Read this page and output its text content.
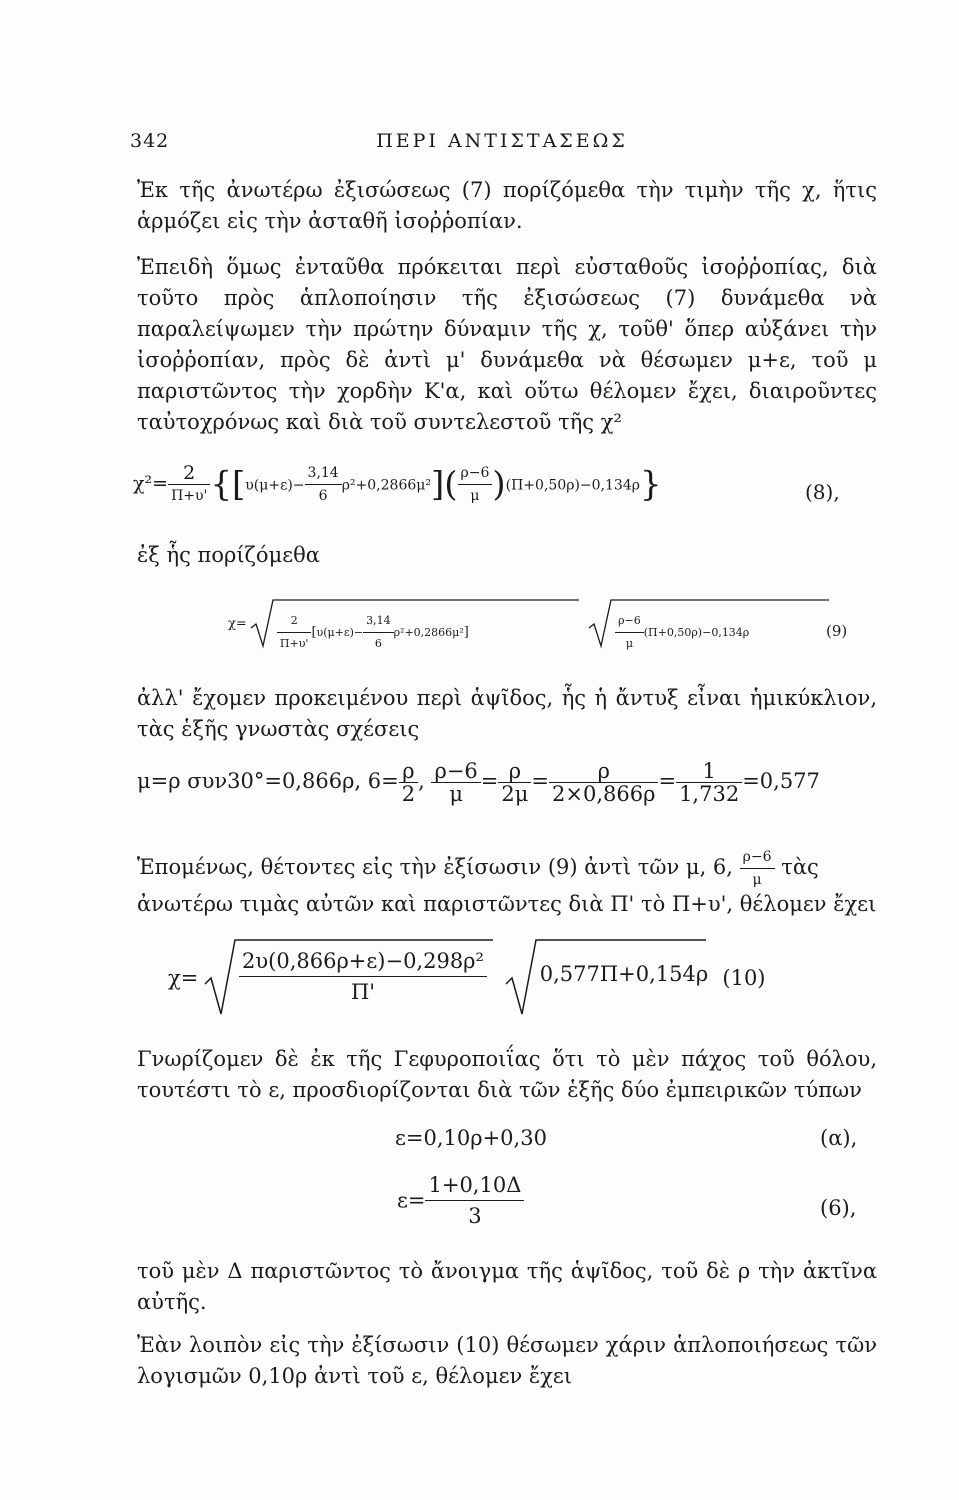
342	ΠΕΡΙ ΑΝΤΙΣΤΑΣΕΩΣ
Ἐκ τῆς ἀνωτέρω ἐξισώσεως (7) πορίζόμεθα τὴν τιμὴν τῆς χ, ἥτις ἁρμόζει εἰς τὴν ἀσταθῆ ἰσοῤῥοπίαν.
Ἐπειδὴ ὅμως ἐνταῦθα πρόκειται περὶ εὐσταθοῦς ἰσοῤῥοπίας, διὰ τοῦτο πρὸς ἁπλοποίησιν τῆς ἐξισώσεως (7) δυνάμεθα νὰ παραλείψωμεν τὴν πρώτην δύναμιν τῆς χ, τοῦθ' ὅπερ αὐξάνει τὴν ἰσοῤῥοπίαν, πρὸς δὲ ἀντὶ μ' δυνάμεθα νὰ θέσωμεν μ+ε, τοῦ μ παριστῶντος τὴν χορδὴν K'α, καὶ οὕτω θέλομεν ἔχει, διαιροῦντες ταὐτοχρόνως καὶ διὰ τοῦ συντελεστοῦ τῆς χ²
$\chi^2= \frac{2}{\Pi+\upsilon'} \{[\upsilon(\mu+\varepsilon)- \frac{3,14}{6} \rho^2+0,2866\mu^2]( \frac{\rho-6}{\mu} )(\Pi+0,50\rho)-0,134\rho\}$	(8),
ἐξ ἧς πορίζόμεθα
χ=	$\frac{2}{\Pi+\upsilon'} [\upsilon(\mu+\varepsilon)- \frac{3,14}{6} \rho^2+0,2866\mu^2]$
	$\frac{\rho-6}{\mu} (\Pi+0,50\rho)-0,134\rho$	(9)
ἀλλ' ἔχομεν προκειμένου περὶ ἁψῖδος, ἧς ἡ ἄντυξ εἶναι ἡμικύκλιον, τὰς ἑξῆς γνωστὰς σχέσεις
μ=ρ συν30°=0,866ρ, $6= \frac{\rho}{2}$ , $\frac{\rho-6}{\mu} = \frac{\rho}{2\mu} = \frac{\rho}{2\times 0,866\rho} = \frac{1}{1,732} =0,577$
Ἑπομένως, θέτοντες εἰς τὴν ἐξίσωσιν (9) ἀντὶ τῶν μ, 6, $\frac{\rho-6}{\mu}$ τὰς
ἀνωτέρω τιμὰς αὐτῶν καὶ παριστῶντες διὰ Π' τὸ Π+υ', θέλομεν ἔχει
$\chi= \frac{\text{2υ(0,866ρ+ε)−0,298ρ²}}{\Pi'}$
	0,577Π+0,154ρ (10)
Γνωρίζομεν δὲ ἐκ τῆς Γεφυροποιΐας ὅτι τὸ μὲν πάχος τοῦ θόλου, τουτέστι τὸ ε, προσδιορίζονται διὰ τῶν ἑξῆς δύο ἐμπειρικῶν τύπων
ε=0,10ρ+0,30	(α),
$\varepsilon= \frac{1+0,10\Delta}{3}$	(6),
τοῦ μὲν Δ παριστῶντος τὸ ἄνοιγμα τῆς ἁψῖδος, τοῦ δὲ ρ τὴν ἀκτῖνα αὐτῆς.
Ἐὰν λοιπὸν εἰς τὴν ἐξίσωσιν (10) θέσωμεν χάριν ἁπλοποιήσεως τῶν λογισμῶν 0,10ρ ἀντὶ τοῦ ε, θέλομεν ἔχει
